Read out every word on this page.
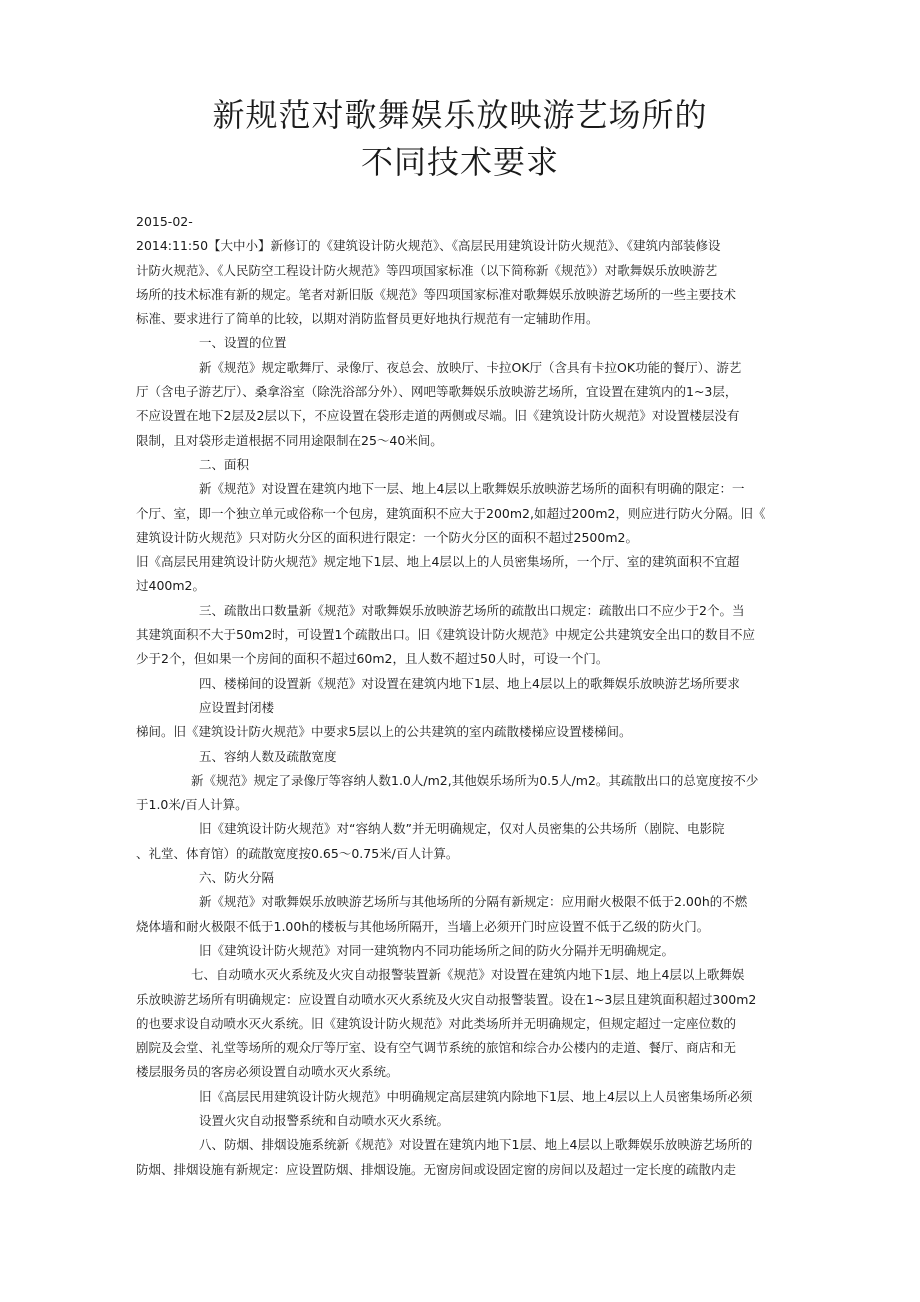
新规范对歌舞娱乐放映游艺场所的
不同技术要求

2015-02-

2014:11:50【大中小】新修订的《建筑设计防火规范》、《高层民用建筑设计防火规范》、《建筑内部装修设

计防火规范》、《人民防空工程设计防火规范》等四项国家标准（以下简称新《规范》）对歌舞娱乐放映游艺

场所的技术标准有新的规定。笔者对新旧版《规范》等四项国家标准对歌舞娱乐放映游艺场所的一些主要技术

标准、要求进行了简单的比较，以期对消防监督员更好地执行规范有一定辅助作用。

一、设置的位置

新《规范》规定歌舞厅、录像厅、夜总会、放映厅、卡拉OK厅（含具有卡拉OK功能的餐厅）、游艺

厅（含电子游艺厅）、桑拿浴室（除洗浴部分外）、网吧等歌舞娱乐放映游艺场所，宜设置在建筑内的1~3层，

不应设置在地下2层及2层以下，不应设置在袋形走道的两侧或尽端。旧《建筑设计防火规范》对设置楼层没有

限制，且对袋形走道根据不同用途限制在25～40米间。

二、面积

新《规范》对设置在建筑内地下一层、地上4层以上歌舞娱乐放映游艺场所的面积有明确的限定：一

个厅、室，即一个独立单元或俗称一个包房，建筑面积不应大于200m2,如超过200m2，则应进行防火分隔。旧《

建筑设计防火规范》只对防火分区的面积进行限定：一个防火分区的面积不超过2500m2。

旧《高层民用建筑设计防火规范》规定地下1层、地上4层以上的人员密集场所，一个厅、室的建筑面积不宜超

过400m2。

三、疏散出口数量新《规范》对歌舞娱乐放映游艺场所的疏散出口规定：疏散出口不应少于2个。当

其建筑面积不大于50m2时，可设置1个疏散出口。旧《建筑设计防火规范》中规定公共建筑安全出口的数目不应

少于2个，但如果一个房间的面积不超过60m2，且人数不超过50人时，可设一个门。

四、楼梯间的设置新《规范》对设置在建筑内地下1层、地上4层以上的歌舞娱乐放映游艺场所要求

应设置封闭楼

梯间。旧《建筑设计防火规范》中要求5层以上的公共建筑的室内疏散楼梯应设置楼梯间。

五、容纳人数及疏散宽度

新《规范》规定了录像厅等容纳人数1.0人/m2,其他娱乐场所为0.5人/m2。其疏散出口的总宽度按不少

于1.0米/百人计算。

旧《建筑设计防火规范》对“容纳人数”并无明确规定，仅对人员密集的公共场所（剧院、电影院

、礼堂、体育馆）的疏散宽度按0.65～0.75米/百人计算。

六、防火分隔

新《规范》对歌舞娱乐放映游艺场所与其他场所的分隔有新规定：应用耐火极限不低于2.00h的不燃

烧体墙和耐火极限不低于1.00h的楼板与其他场所隔开，当墙上必须开门时应设置不低于乙级的防火门。

旧《建筑设计防火规范》对同一建筑物内不同功能场所之间的防火分隔并无明确规定。

七、自动喷水灭火系统及火灾自动报警装置新《规范》对设置在建筑内地下1层、地上4层以上歌舞娱

乐放映游艺场所有明确规定：应设置自动喷水灭火系统及火灾自动报警装置。设在1~3层且建筑面积超过300m2

的也要求设自动喷水灭火系统。旧《建筑设计防火规范》对此类场所并无明确规定，但规定超过一定座位数的

剧院及会堂、礼堂等场所的观众厅等厅室、设有空气调节系统的旅馆和综合办公楼内的走道、餐厅、商店和无

楼层服务员的客房必须设置自动喷水灭火系统。

旧《高层民用建筑设计防火规范》中明确规定高层建筑内除地下1层、地上4层以上人员密集场所必须

设置火灾自动报警系统和自动喷水灭火系统。

八、防烟、排烟设施系统新《规范》对设置在建筑内地下1层、地上4层以上歌舞娱乐放映游艺场所的

防烟、排烟设施有新规定：应设置防烟、排烟设施。无窗房间或设固定窗的房间以及超过一定长度的疏散内走
